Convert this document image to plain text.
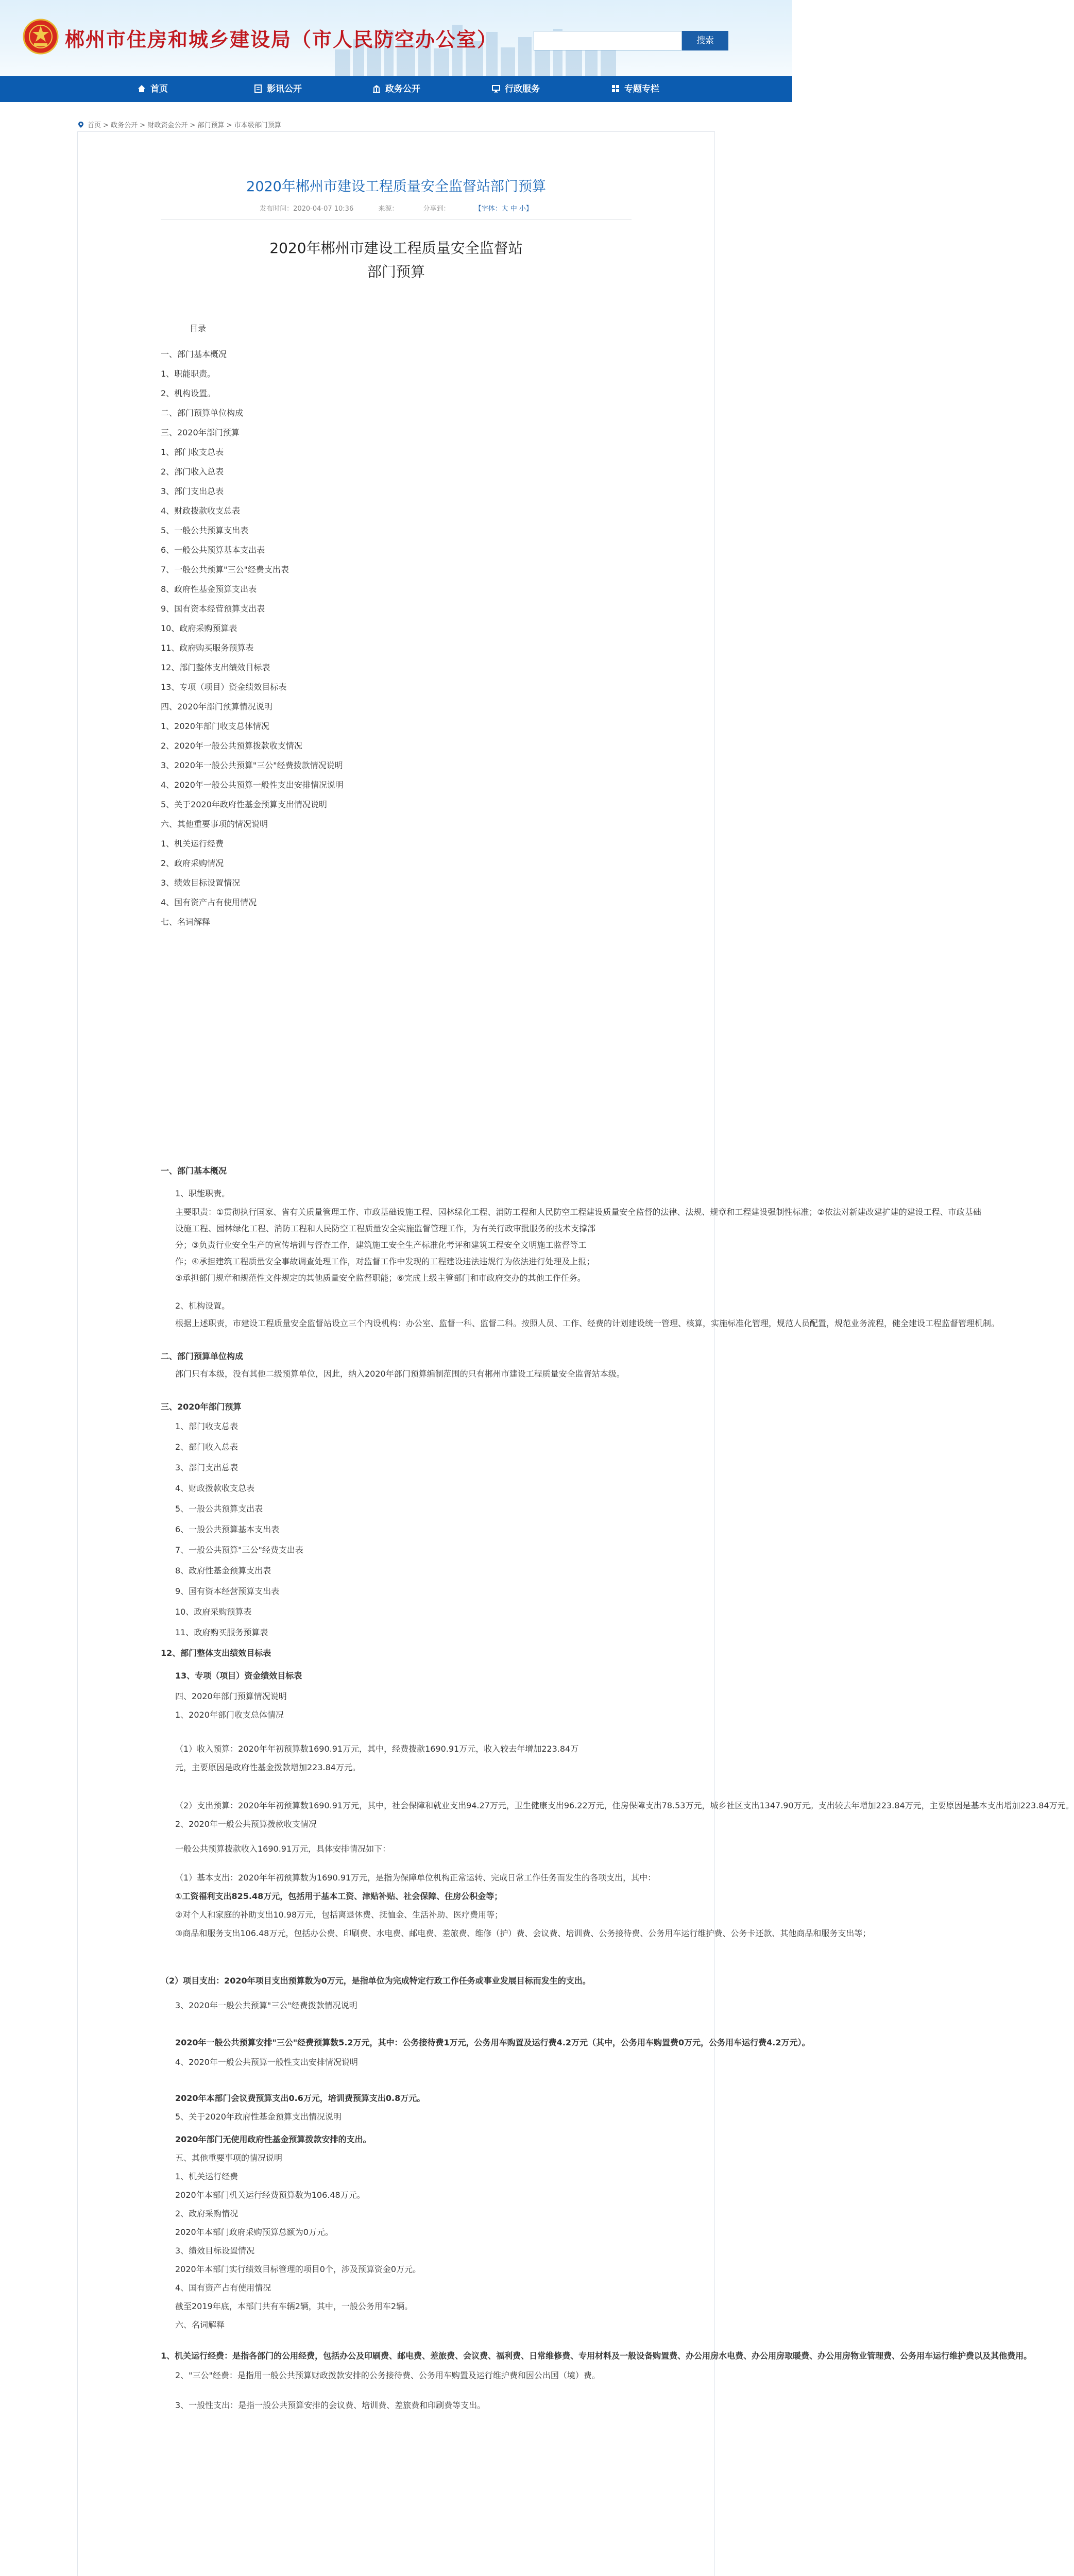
郴州市住房和城乡建设局（市人民防空办公室）	搜索
首页	影讯公开	政务公开	行政服务	专题专栏
首页 > 政务公开 > 财政资金公开 > 部门预算 > 市本级部门预算
2020年郴州市建设工程质量安全监督站部门预算
发布时间：2020-04-07 10:36	来源：	分享到：	【字体：大 中 小】
2020年郴州市建设工程质量安全监督站
部门预算
目录
一、部门基本概况
1、职能职责。
2、机构设置。
二、部门预算单位构成
三、2020年部门预算
1、部门收支总表
2、部门收入总表
3、部门支出总表
4、财政拨款收支总表
5、一般公共预算支出表
6、一般公共预算基本支出表
7、一般公共预算"三公"经费支出表
8、政府性基金预算支出表
9、国有资本经营预算支出表
10、政府采购预算表
11、政府购买服务预算表
12、部门整体支出绩效目标表
13、专项（项目）资金绩效目标表
四、2020年部门预算情况说明
1、2020年部门收支总体情况
2、2020年一般公共预算拨款收支情况
3、2020年一般公共预算"三公"经费拨款情况说明
4、2020年一般公共预算一般性支出安排情况说明
5、关于2020年政府性基金预算支出情况说明
六、其他重要事项的情况说明
1、机关运行经费
2、政府采购情况
3、绩效目标设置情况
4、国有资产占有使用情况
七、名词解释
一、部门基本概况
1、职能职责。
主要职责：①贯彻执行国家、省有关质量管理工作、市政基础设施工程、园林绿化工程、消防工程和人民防空工程建设质量安全监督的法律、法规、规章和工程建设强制性标准；②依法对新建改建扩建的建设工程、市政基础
设施工程、园林绿化工程、消防工程和人民防空工程质量安全实施监督管理工作，为有关行政审批服务的技术支撑部
分；③负责行业安全生产的宣传培训与督查工作，建筑施工安全生产标准化考评和建筑工程安全文明施工监督等工
作；④承担建筑工程质量安全事故调查处理工作，对监督工作中发现的工程建设违法违规行为依法进行处理及上报；
⑤承担部门规章和规范性文件规定的其他质量安全监督职能；⑥完成上级主管部门和市政府交办的其他工作任务。
2、机构设置。
根据上述职责，市建设工程质量安全监督站设立三个内设机构：办公室、监督一科、监督二科。按照人员、工作、经费的计划建设统一管理、核算，实施标准化管理，规范人员配置，规范业务流程，健全建设工程监督管理机制。
二、部门预算单位构成
部门只有本级，没有其他二级预算单位，因此，纳入2020年部门预算编制范围的只有郴州市建设工程质量安全监督站本级。
三、2020年部门预算
1、部门收支总表
2、部门收入总表
3、部门支出总表
4、财政拨款收支总表
5、一般公共预算支出表
6、一般公共预算基本支出表
7、一般公共预算"三公"经费支出表
8、政府性基金预算支出表
9、国有资本经营预算支出表
10、政府采购预算表
11、政府购买服务预算表
12、部门整体支出绩效目标表
13、专项（项目）资金绩效目标表
四、2020年部门预算情况说明
1、2020年部门收支总体情况
（1）收入预算：2020年年初预算数1690.91万元，其中，经费拨款1690.91万元，收入较去年增加223.84万
元，主要原因是政府性基金拨款增加223.84万元。
（2）支出预算：2020年年初预算数1690.91万元，其中，社会保障和就业支出94.27万元，卫生健康支出96.22万元，住房保障支出78.53万元，城乡社区支出1347.90万元。支出较去年增加223.84万元，主要原因是基本支出增加223.84万元。
2、2020年一般公共预算拨款收支情况
一般公共预算拨款收入1690.91万元，具体安排情况如下：
（1）基本支出：2020年年初预算数为1690.91万元，是指为保障单位机构正常运转、完成日常工作任务而发生的各项支出，其中：
①工资福利支出825.48万元，包括用于基本工资、津贴补贴、社会保障、住房公积金等；
②对个人和家庭的补助支出10.98万元，包括离退休费、抚恤金、生活补助、医疗费用等；
③商品和服务支出106.48万元，包括办公费、印刷费、水电费、邮电费、差旅费、维修（护）费、会议费、培训费、公务接待费、公务用车运行维护费、公务卡还款、其他商品和服务支出等；
（2）项目支出：2020年项目支出预算数为0万元，是指单位为完成特定行政工作任务或事业发展目标而发生的支出。
3、2020年一般公共预算"三公"经费拨款情况说明
2020年一般公共预算安排"三公"经费预算数5.2万元，其中：公务接待费1万元，公务用车购置及运行费4.2万元（其中，公务用车购置费0万元，公务用车运行费4.2万元）。
4、2020年一般公共预算一般性支出安排情况说明
2020年本部门会议费预算支出0.6万元，培训费预算支出0.8万元。
5、关于2020年政府性基金预算支出情况说明
2020年部门无使用政府性基金预算拨款安排的支出。
五、其他重要事项的情况说明
1、机关运行经费
2020年本部门机关运行经费预算数为106.48万元。
2、政府采购情况
2020年本部门政府采购预算总额为0万元。
3、绩效目标设置情况
2020年本部门实行绩效目标管理的项目0个，涉及预算资金0万元。
4、国有资产占有使用情况
截至2019年底，本部门共有车辆2辆，其中，一般公务用车2辆。
六、名词解释
1、机关运行经费：是指各部门的公用经费，包括办公及印刷费、邮电费、差旅费、会议费、福利费、日常维修费、专用材料及一般设备购置费、办公用房水电费、办公用房取暖费、办公用房物业管理费、公务用车运行维护费以及其他费用。
2、"三公"经费：是指用一般公共预算财政拨款安排的公务接待费、公务用车购置及运行维护费和因公出国（境）费。
3、一般性支出：是指一般公共预算安排的会议费、培训费、差旅费和印刷费等支出。
